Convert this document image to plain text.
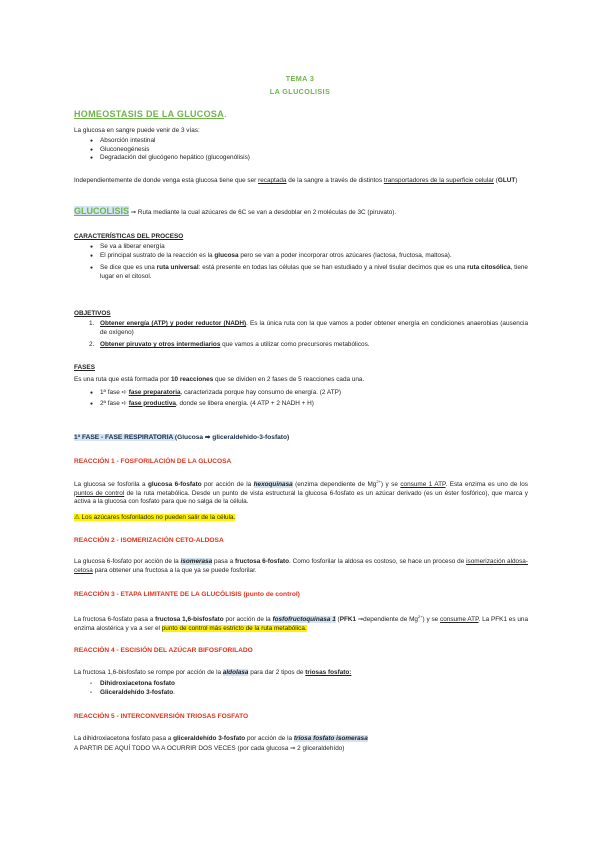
TEMA 3
LA GLUCOLISIS
HOMEOSTASIS DE LA GLUCOSA.
La glucosa en sangre puede venir de 3 vías:
● Absorción intestinal
● Gluconeogénesis
● Degradación del glucógeno hepático (glucogenólisis)
Independientemente de donde venga esta glucosa tiene que ser recaptada de la sangre a través de distintos transportadores de la superficie celular (GLUT)
GLUCOLISIS ➞ Ruta mediante la cual azúcares de 6C se van a desdoblar en 2 moléculas de 3C (piruvato).
CARACTERÍSTICAS DEL PROCESO
● Se va a liberar energía
● El principal sustrato de la reacción es la glucosa pero se van a poder incorporar otros azúcares (lactosa, fructosa, maltosa).
● Se dice que es una ruta universal: está presente en todas las células que se han estudiado y a nivel tisular decimos que es una ruta citosólica, tiene lugar en el citosol.
OBJETIVOS
1. Obtener energía (ATP) y poder reductor (NADH). Es la única ruta con la que vamos a poder obtener energía en condiciones anaerobias (ausencia de oxígeno)
2. Obtener piruvato y otros intermediarios que vamos a utilizar como precursores metabólicos.
FASES
Es una ruta que está formada por 10 reacciones que se dividen en 2 fases de 5 reacciones cada una.
● 1ª fase ➪ fase preparatoria, caracterizada porque hay consumo de energía. (2 ATP)
● 2ª fase ➪ fase productiva, donde se libera energía. (4 ATP + 2 NADH + H)
1ª FASE - FASE RESPIRATORIA (Glucosa ➡ gliceraldehido-3-fosfato)
REACCIÓN 1 - FOSFORILACIÓN DE LA GLUCOSA
La glucosa se fosforila a glucosa 6-fosfato por acción de la hexoquinasa (enzima dependiente de $Mg^{2+}$) y se consume 1 ATP. Esta enzima es uno de los puntos de control de la ruta metabólica. Desde un punto de vista estructural la glucosa 6-fosfato es un azúcar derivado (es un éster fosfórico), que marca y activa a la glucosa con fosfato para que no salga de la célula.
⚠ Los azúcares fosforilados no pueden salir de la célula.
REACCIÓN 2 - ISOMERIZACIÓN CETO-ALDOSA
La glucosa 6-fosfato por acción de la isomerasa pasa a fructosa 6-fosfato. Como fosforilar la aldosa es costoso, se hace un proceso de isomerización aldosa-cetosa para obtener una fructosa a la que ya se puede fosforilar.
REACCIÓN 3 - ETAPA LIMITANTE DE LA GLUCÓLISIS (punto de control)
La fructosa 6-fosfato pasa a fructosa 1,6-bisfosfato por acción de la fosfofructoquinasa 1 (PFK1 ➞dependiente de $Mg^{2+}$) y se consume ATP. La PFK1 es una enzima alostérica y va a ser el punto de control más estricto de la ruta metabólica.
REACCIÓN 4 - ESCISIÓN DEL AZÚCAR BIFOSFORILADO
La fructosa 1,6-bisfosfato se rompe por acción de la aldolasa para dar 2 tipos de triosas fosfato:
- Dihidroxiacetona fosfato
- Gliceraldehído 3-fosfato.
REACCIÓN 5 - INTERCONVERSIÓN TRIOSAS FOSFATO
La dihidroxiacetona fosfato pasa a gliceraldehído 3-fosfato por acción de la triosa fosfato isomerasa
A PARTIR DE AQUÍ TODO VA A OCURRIR DOS VECES (por cada glucosa ➞ 2 gliceraldehído)
